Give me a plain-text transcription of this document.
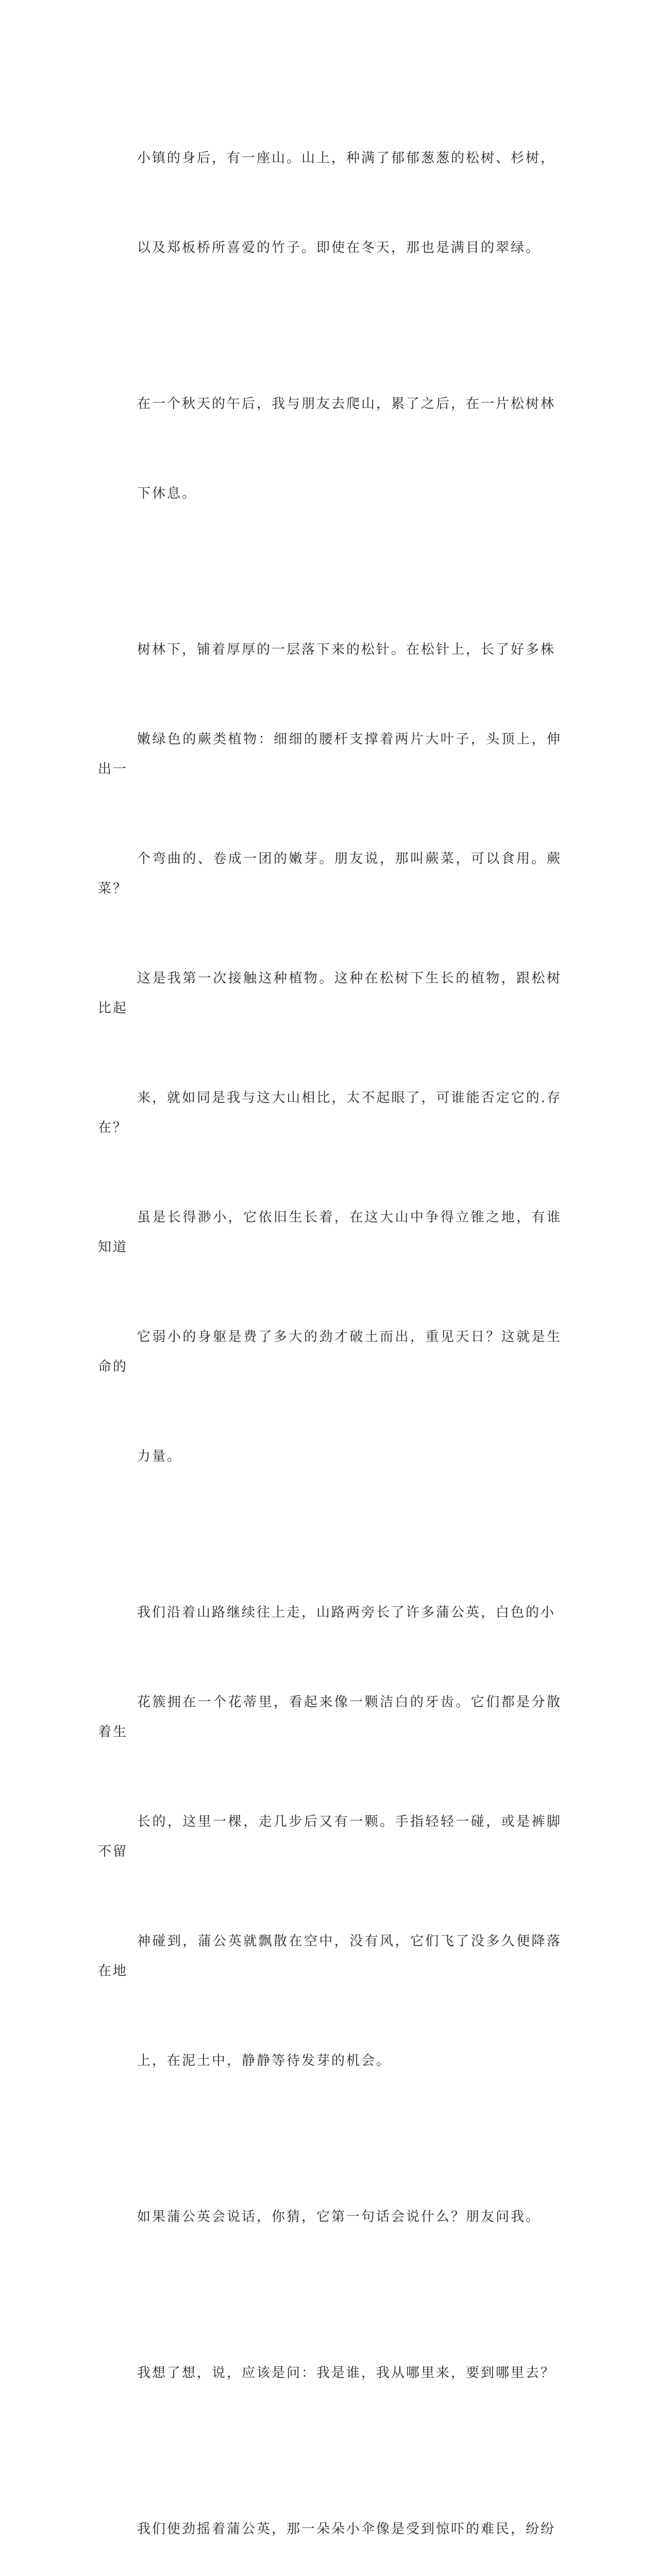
小镇的身后，有一座山。山上，种满了郁郁葱葱的松树、杉树，

以及郑板桥所喜爱的竹子。即使在冬天，那也是满目的翠绿。

在一个秋天的午后，我与朋友去爬山，累了之后，在一片松树林

下休息。

树林下，铺着厚厚的一层落下来的松针。在松针上，长了好多株

嫩绿色的蕨类植物：细细的腰杆支撑着两片大叶子，头顶上，伸出一

个弯曲的、卷成一团的嫩芽。朋友说，那叫蕨菜，可以食用。蕨菜？

这是我第一次接触这种植物。这种在松树下生长的植物，跟松树比起

来，就如同是我与这大山相比，太不起眼了，可谁能否定它的.存在？

虽是长得渺小，它依旧生长着，在这大山中争得立锥之地，有谁知道

它弱小的身躯是费了多大的劲才破土而出，重见天日？这就是生命的

力量。

我们沿着山路继续往上走，山路两旁长了许多蒲公英，白色的小

花簇拥在一个花蒂里，看起来像一颗洁白的牙齿。它们都是分散着生

长的，这里一棵，走几步后又有一颗。手指轻轻一碰，或是裤脚不留

神碰到，蒲公英就飘散在空中，没有风，它们飞了没多久便降落在地

上，在泥土中，静静等待发芽的机会。

如果蒲公英会说话，你猜，它第一句话会说什么？朋友问我。

我想了想，说，应该是问：我是谁，我从哪里来，要到哪里去？

我们使劲摇着蒲公英，那一朵朵小伞像是受到惊吓的难民，纷纷
